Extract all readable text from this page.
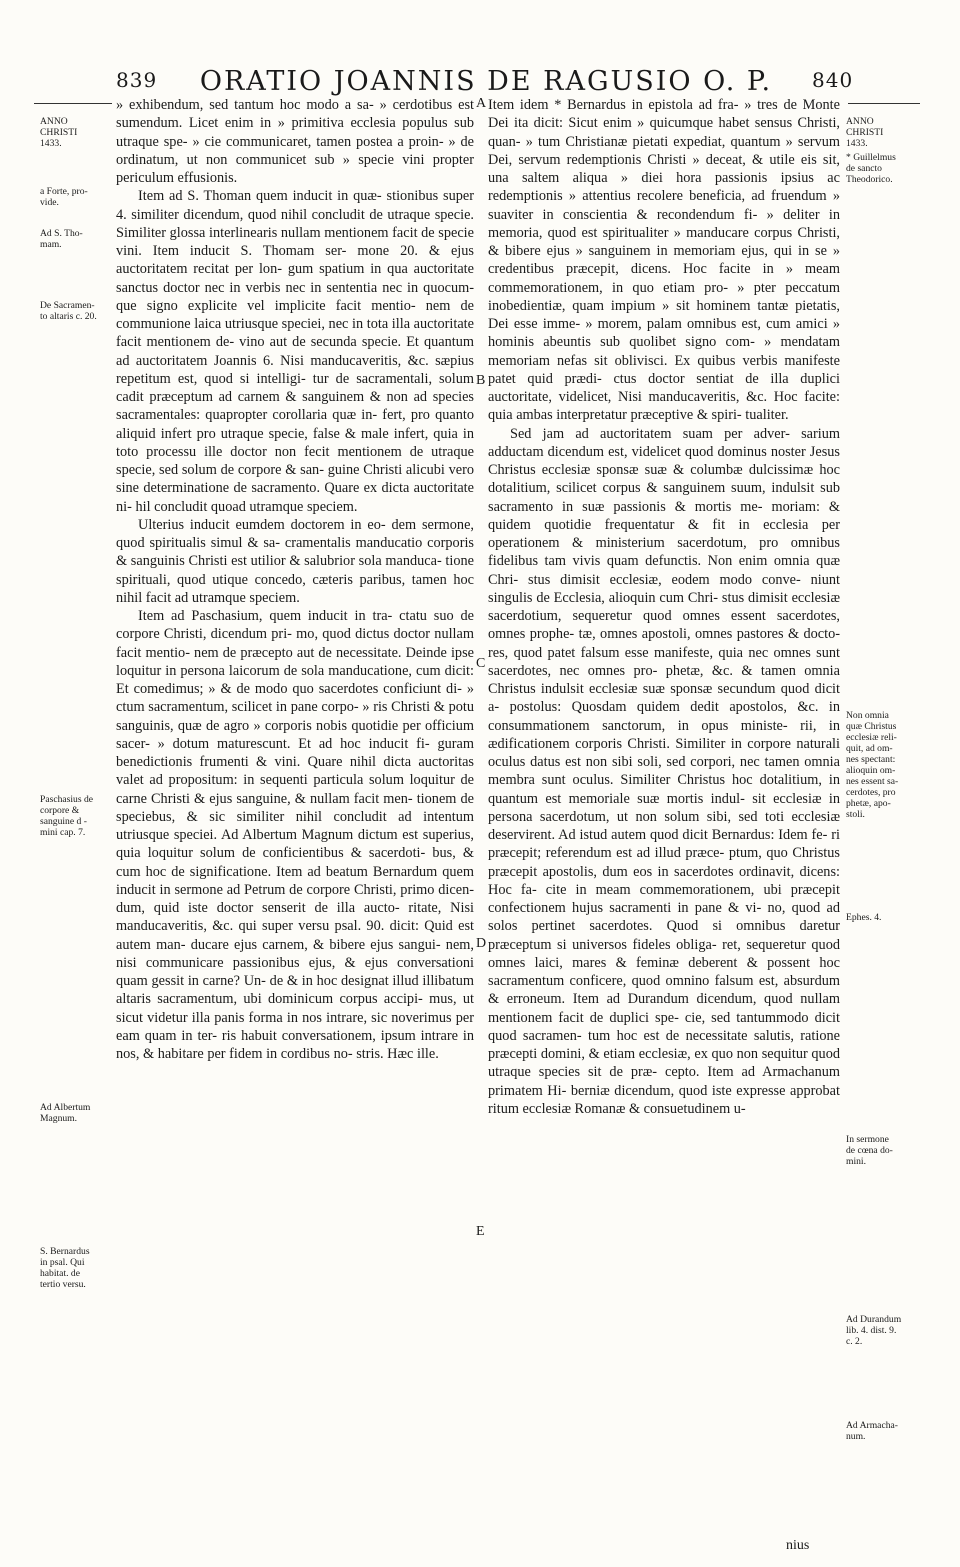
839 ORATIO JOANNIS DE RAGUSIO O. P. 840

» exhibendum, sed tantum hoc modo a sa- » cerdotibus est sumendum. Licet enim in » primitiva ecclesia populus sub utraque spe- » cie communicaret, tamen postea a proin- » de ordinatum, ut non communicet sub » specie vini propter periculum effusionis.

Item ad S. Thoman quem inducit in quæ- stionibus super 4. similiter dicendum, quod nihil concludit de utraque specie. Similiter glossa interlinearis nullam mentionem facit de specie vini. Item inducit S. Thomam ser- mone 20. & ejus auctoritatem recitat per lon- gum spatium in qua auctoritate sanctus doctor nec in verbis nec in sententia nec in quocum- que signo explicite vel implicite facit mentio- nem de communione laica utriusque speciei, nec in tota illa auctoritate facit mentionem de- vino aut de secunda specie. Et quantum ad auctoritatem Joannis 6. Nisi manducaveritis, &c. sæpius repetitum est, quod si intelligi- tur de sacramentali, solum cadit præceptum ad carnem & sanguinem & non ad species sacramentales: quapropter corollaria quæ in- fert, pro quanto aliquid infert pro utraque specie, false & male infert, quia in toto processu ille doctor non fecit mentionem de utraque specie, sed solum de corpore & san- guine Christi alicubi vero sine determinatione de sacramento. Quare ex dicta auctoritate ni- hil concludit quoad utramque speciem.

Ulterius inducit eumdem doctorem in eo- dem sermone, quod spiritualis simul & sa- cramentalis manducatio corporis & sanguinis Christi est utilior & salubrior sola manduca- tione spirituali, quod utique concedo, cæteris paribus, tamen hoc nihil facit ad utramque speciem.

Item ad Paschasium, quem inducit in tra- ctatu suo de corpore Christi, dicendum pri- mo, quod dictus doctor nullam facit mentio- nem de præcepto aut de necessitate. Deinde ipse loquitur in persona laicorum de sola manducatione, cum dicit: Et comedimus; » & de modo quo sacerdotes conficiunt di- » ctum sacramentum, scilicet in pane corpo- » ris Christi & potu sanguinis, quæ de agro » corporis nobis quotidie per officium sacer- » dotum maturescunt. Et ad hoc inducit fi- guram benedictionis frumenti & vini. Quare nihil dicta auctoritas valet ad propositum: in sequenti particula solum loquitur de carne Christi & ejus sanguine, & nullam facit men- tionem de speciebus, & sic similiter nihil concludit ad intentum utriusque speciei. Ad Albertum Magnum dictum est superius, quia loquitur solum de conficientibus & sacerdoti- bus, & cum hoc de significatione. Item ad beatum Bernardum quem inducit in sermone ad Petrum de corpore Christi, primo dicen- dum, quid iste doctor senserit de illa aucto- ritate, Nisi manducaveritis, &c. qui super versu psal. 90. dicit: Quid est autem man- ducare ejus carnem, & bibere ejus sangui- nem, nisi communicare passionibus ejus, & ejus conversationi quam gessit in carne? Un- de & in hoc designat illud illibatum altaris sacramentum, ubi dominicum corpus accipi- mus, ut sicut videtur illa panis forma in nos intrare, sic noverimus per eam quam in ter- ris habuit conversationem, ipsum intrare in nos, & habitare per fidem in cordibus no- stris. Hæc ille.

Item idem * Bernardus in epistola ad fra- » tres de Monte Dei ita dicit: Sicut enim » quicumque habet sensus Christi, quan- » tum Christianæ pietati expediat, quantum » servum Dei, servum redemptionis Christi » deceat, & utile eis sit, una saltem aliqua » diei hora passionis ipsius ac redemptionis » attentius recolere beneficia, ad fruendum » suaviter in conscientia & recondendum fi- » deliter in memoria, quod est spiritualiter » manducare corpus Christi, & bibere ejus » sanguinem in memoriam ejus, qui in se » credentibus præcepit, dicens. Hoc facite in » meam commemorationem, in quo etiam pro- » pter peccatum inobedientiæ, quam impium » sit hominem tantæ pietatis, Dei esse imme- » morem, palam omnibus est, cum amici » hominis abeuntis sub quolibet signo com- » mendatam memoriam nefas sit oblivisci. Ex quibus verbis manifeste patet quid prædi- ctus doctor sentiat de illa duplici auctoritate, videlicet, Nisi manducaveritis, &c. Hoc facite: quia ambas interpretatur præceptive & spiri- tualiter.

Sed jam ad auctoritatem suam per adver- sarium adductam dicendum est, videlicet quod dominus noster Jesus Christus ecclesiæ sponsæ suæ & columbæ dulcissimæ hoc dotalitium, scilicet corpus & sanguinem suum, indulsit sub sacramento in suæ passionis & mortis me- moriam: & quidem quotidie frequentatur & fit in ecclesia per operationem & ministerium sacerdotum, pro omnibus fidelibus tam vivis quam defunctis. Non enim omnia quæ Chri- stus dimisit ecclesiæ, eodem modo conve- niunt singulis de Ecclesia, alioquin cum Chri- stus dimisit ecclesiæ sacerdotium, sequeretur quod omnes essent sacerdotes, omnes prophe- tæ, omnes apostoli, omnes pastores & docto- res, quod patet falsum esse manifeste, quia nec omnes sunt sacerdotes, nec omnes pro- phetæ, &c. & tamen omnia Christus indulsit ecclesiæ suæ sponsæ secundum quod dicit a- postolus: Quosdam quidem dedit apostolos, &c. in consummationem sanctorum, in opus ministe- rii, in ædificationem corporis Christi. Similiter in corpore naturali oculus datus est non sibi soli, sed corpori, nec tamen omnia membra sunt oculus. Similiter Christus hoc dotalitium, in quantum est memoriale suæ mortis indul- sit ecclesiæ in persona sacerdotum, ut non solum sibi, sed toti ecclesiæ deservirent. Ad istud autem quod dicit Bernardus: Idem fe- ri præcepit; referendum est ad illud præce- ptum, quo Christus præcepit apostolis, dum eos in sacerdotes ordinavit, dicens: Hoc fa- cite in meam commemorationem, ubi præcepit confectionem hujus sacramenti in pane & vi- no, quod ad solos pertinet sacerdotes. Quod si omnibus daretur præceptum si universos fideles obliga- ret, sequeretur quod omnes laici, mares & feminæ deberent & possent hoc sacramentum conficere, quod omnino falsum est, absurdum & erroneum. Item ad Durandum dicendum, quod nullam mentionem facit de duplici spe- cie, sed tantummodo dicit quod sacramen- tum hoc est de necessitate salutis, ratione præcepti domini, & etiam ecclesiæ, ex quo non sequitur quod utraque species sit de præ- cepto. Item ad Armachanum primatem Hi- berniæ dicendum, quod iste expresse approbat ritum ecclesiæ Romanæ & consuetudinem u-

A
B
C
D
E
ANNO
CHRISTI
1433.
a Forte, pro-
vide.
Ad S. Tho-
mam.
De Sacramen-
to altaris c. 20.
Paschasius de
corpore &
sanguine d -
mini cap. 7.
Ad Albertum
Magnum.
S. Bernardus
in psal. Qui
habitat. de
tertio versu.
ANNO
CHRISTI
1433.
* Guillelmus
de sancto
Theodorico.
Non omnia
quæ Christus
ecclesiæ reli-
quit, ad om-
nes spectant:
alioquin om-
nes essent sa-
cerdotes, pro
phetæ, apo-
stoli.
Ephes. 4.
In sermone
de cœna do-
mini.
Ad Durandum
lib. 4. dist. 9.
c. 2.
Ad Armacha-
num.
nius
